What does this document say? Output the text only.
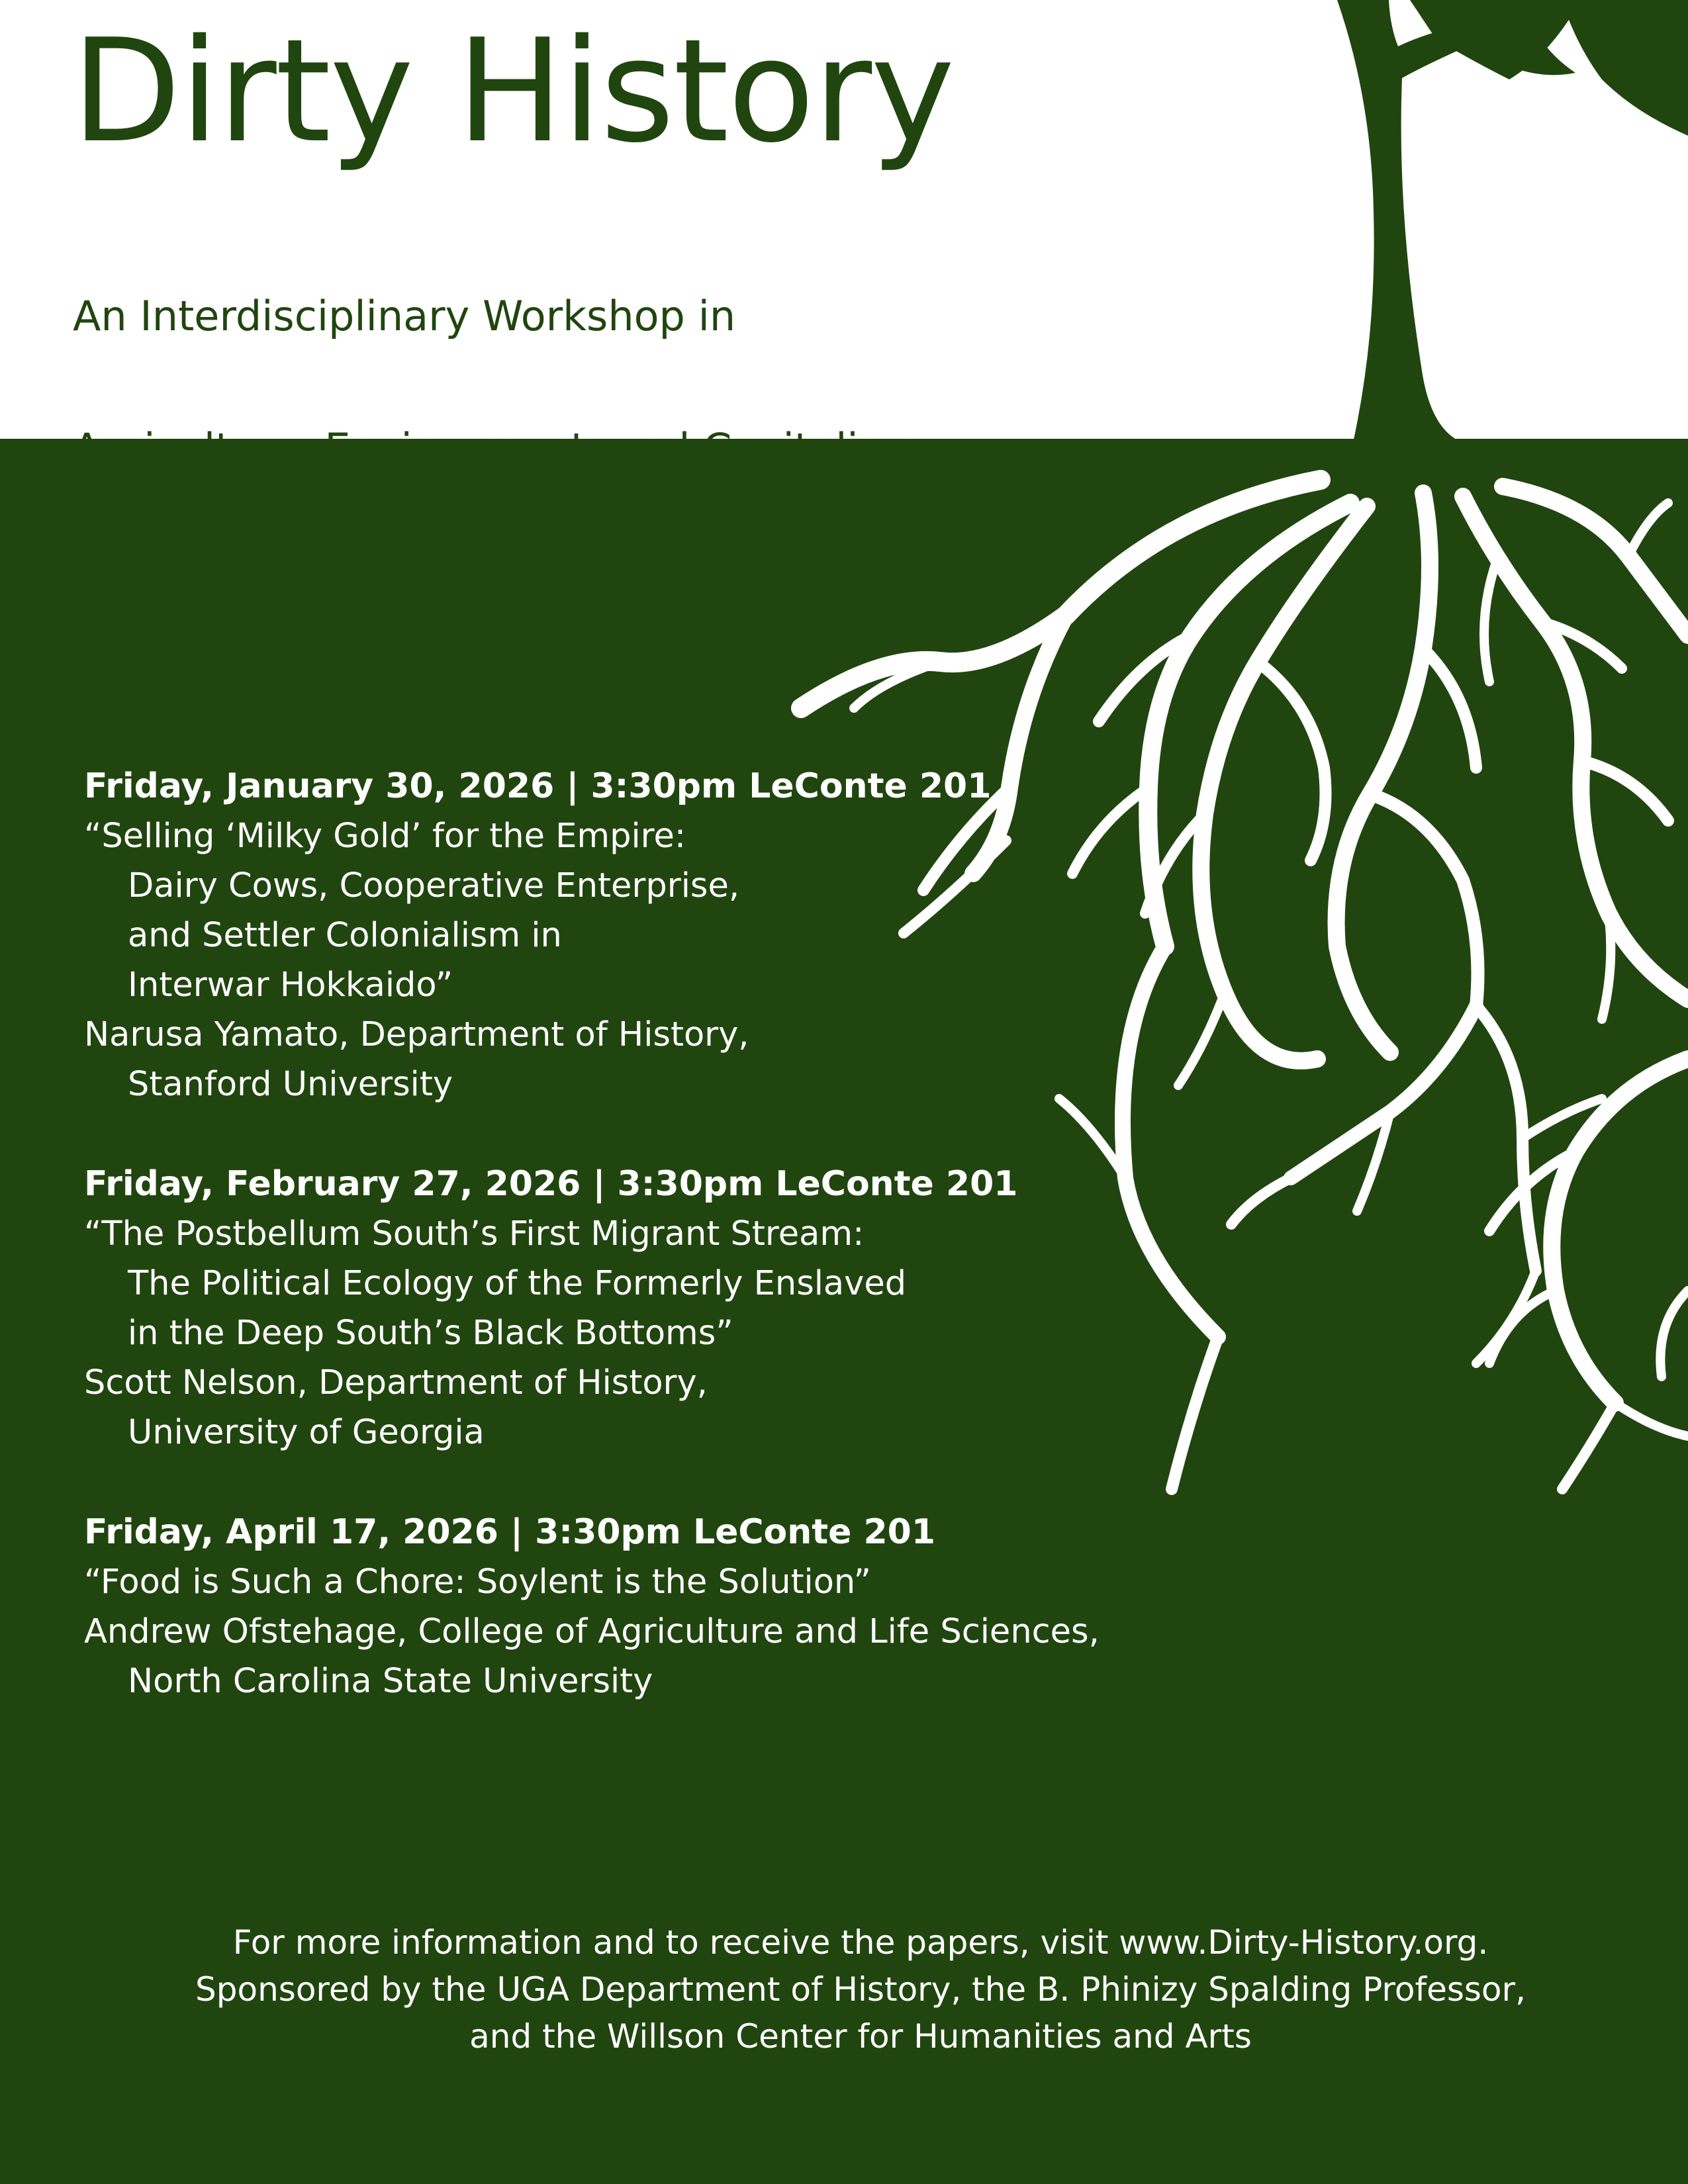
Dirty History

An Interdisciplinary Workshop in

Agriculture, Environment, and Capitalism

at the University of Georgia

Friday, January 30, 2026 | 3:30pm LeConte 201
“Selling ‘Milky Gold’ for the Empire:
Dairy Cows, Cooperative Enterprise,
and Settler Colonialism in
Interwar Hokkaido”
Narusa Yamato, Department of History,
Stanford University
Friday, February 27, 2026 | 3:30pm LeConte 201
“The Postbellum South’s First Migrant Stream:
The Political Ecology of the Formerly Enslaved
in the Deep South’s Black Bottoms”
Scott Nelson, Department of History,
University of Georgia
Friday, April 17, 2026 | 3:30pm LeConte 201
“Food is Such a Chore: Soylent is the Solution”
Andrew Ofstehage, College of Agriculture and Life Sciences,
North Carolina State University
For more information and to receive the papers, visit www.Dirty-History.org.
Sponsored by the UGA Department of History, the B. Phinizy Spalding Professor,
and the Willson Center for Humanities and Arts
